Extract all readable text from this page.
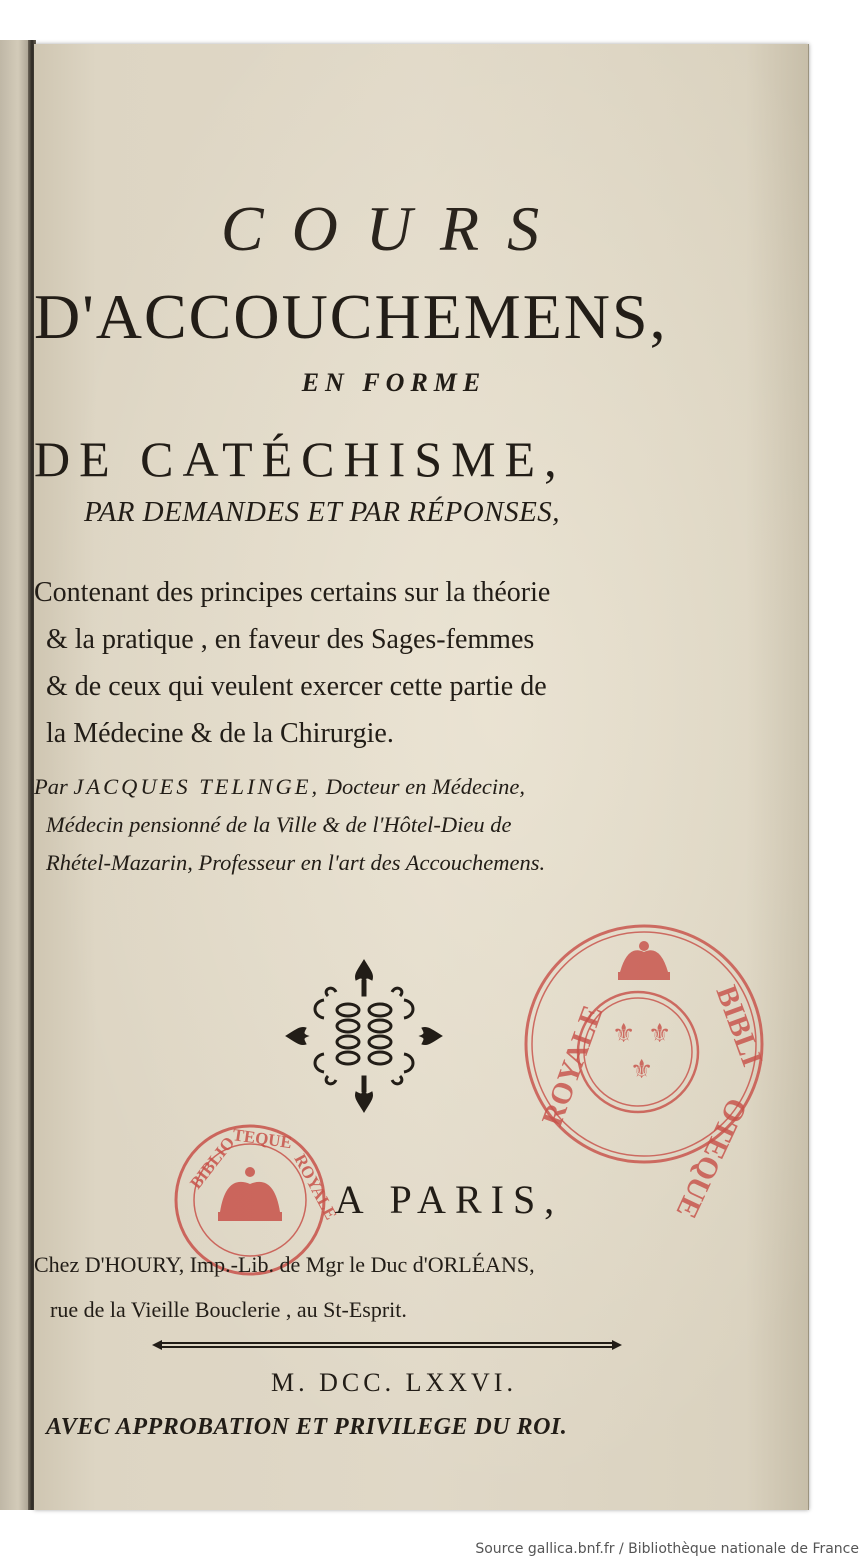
COURS
D'ACCOUCHEMENS,
EN FORME
DE CATÉCHISME,
PAR DEMANDES ET PAR RÉPONSES,
Contenant des principes certains sur la théorie
& la pratique , en faveur des Sages-femmes
& de ceux qui veulent exercer cette partie de
la Médecine & de la Chirurgie.
Par JACQUES TELINGE, Docteur en Médecine,
Médecin pensionné de la Ville & de l'Hôtel-Dieu de
Rhétel-Mazarin, Professeur en l'art des Accouchemens.
⚜ ⚜
⚜
ROYALE	BIBLI
OTEQUE
BIBLIO
TEQUE
ROYALE
A PARIS,
Chez D'HOURY, Imp.-Lib. de Mgr le Duc d'ORLÉANS,
rue de la Vieille Bouclerie , au St-Esprit.
M. DCC. LXXVI.
AVEC APPROBATION ET PRIVILEGE DU ROI.
Source gallica.bnf.fr / Bibliothèque nationale de France
